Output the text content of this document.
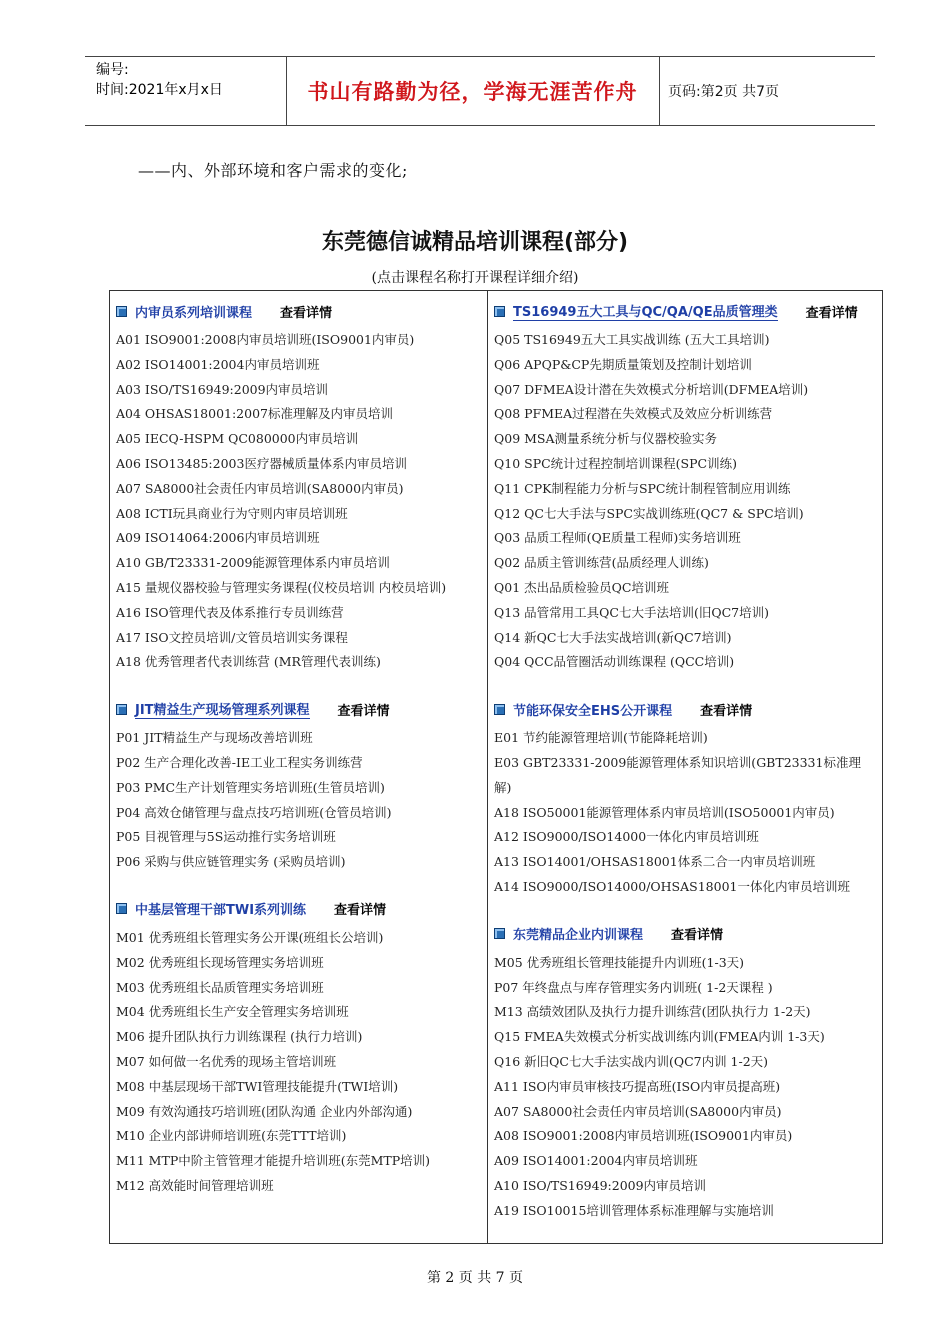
编号:
时间:2021年x月x日	书山有路勤为径，学海无涯苦作舟	页码:第2页 共7页
——内、外部环境和客户需求的变化;
东莞德信诚精品培训课程(部分)
(点击课程名称打开课程详细介绍)
内审员系列培训课程 查看详情
A01 ISO9001:2008内审员培训班(ISO9001内审员)
A02 ISO14001:2004内审员培训班
A03 ISO/TS16949:2009内审员培训
A04 OHSAS18001:2007标准理解及内审员培训
A05 IECQ-HSPM QC080000内审员培训
A06 ISO13485:2003医疗器械质量体系内审员培训
A07 SA8000社会责任内审员培训(SA8000内审员)
A08 ICTI玩具商业行为守则内审员培训班
A09 ISO14064:2006内审员培训班
A10 GB/T23331-2009能源管理体系内审员培训
A15 量规仪器校验与管理实务课程(仪校员培训 内校员培训)
A16 ISO管理代表及体系推行专员训练营
A17 ISO文控员培训/文管员培训实务课程
A18 优秀管理者代表训练营 (MR管理代表训练)
JIT精益生产现场管理系列课程 查看详情
P01 JIT精益生产与现场改善培训班
P02 生产合理化改善-IE工业工程实务训练营
P03 PMC生产计划管理实务培训班(生管员培训)
P04 高效仓储管理与盘点技巧培训班(仓管员培训)
P05 目视管理与5S运动推行实务培训班
P06 采购与供应链管理实务 (采购员培训)
中基层管理干部TWI系列训练 查看详情
M01 优秀班组长管理实务公开课(班组长公培训)
M02 优秀班组长现场管理实务培训班
M03 优秀班组长品质管理实务培训班
M04 优秀班组长生产安全管理实务培训班
M06 提升团队执行力训练课程 (执行力培训)
M07 如何做一名优秀的现场主管培训班
M08 中基层现场干部TWI管理技能提升(TWI培训)
M09 有效沟通技巧培训班(团队沟通 企业内外部沟通)
M10 企业内部讲师培训班(东莞TTT培训)
M11 MTP中阶主管管理才能提升培训班(东莞MTP培训)
M12 高效能时间管理培训班
TS16949五大工具与QC/QA/QE品质管理类 查看详情
Q05 TS16949五大工具实战训练 (五大工具培训)
Q06 APQP&CP先期质量策划及控制计划培训
Q07 DFMEA设计潜在失效模式分析培训(DFMEA培训)
Q08 PFMEA过程潜在失效模式及效应分析训练营
Q09 MSA测量系统分析与仪器校验实务
Q10 SPC统计过程控制培训课程(SPC训练)
Q11 CPK制程能力分析与SPC统计制程管制应用训练
Q12 QC七大手法与SPC实战训练班(QC7 & SPC培训)
Q03 品质工程师(QE质量工程师)实务培训班
Q02 品质主管训练营(品质经理人训练)
Q01 杰出品质检验员QC培训班
Q13 品管常用工具QC七大手法培训(旧QC7培训)
Q14 新QC七大手法实战培训(新QC7培训)
Q04 QCC品管圈活动训练课程 (QCC培训)
节能环保安全EHS公开课程 查看详情
E01 节约能源管理培训(节能降耗培训)
E03 GBT23331-2009能源管理体系知识培训(GBT23331标准理解)
A18 ISO50001能源管理体系内审员培训(ISO50001内审员)
A12 ISO9000/ISO14000一体化内审员培训班
A13 ISO14001/OHSAS18001体系二合一内审员培训班
A14 ISO9000/ISO14000/OHSAS18001一体化内审员培训班
东莞精品企业内训课程 查看详情
M05 优秀班组长管理技能提升内训班(1-3天)
P07 年终盘点与库存管理实务内训班( 1-2天课程 )
M13 高绩效团队及执行力提升训练营(团队执行力 1-2天)
Q15 FMEA失效模式分析实战训练内训(FMEA内训 1-3天)
Q16 新旧QC七大手法实战内训(QC7内训 1-2天)
A11 ISO内审员审核技巧提高班(ISO内审员提高班)
A07 SA8000社会责任内审员培训(SA8000内审员)
A08 ISO9001:2008内审员培训班(ISO9001内审员)
A09 ISO14001:2004内审员培训班
A10 ISO/TS16949:2009内审员培训
A19 ISO10015培训管理体系标准理解与实施培训
第 2 页 共 7 页
